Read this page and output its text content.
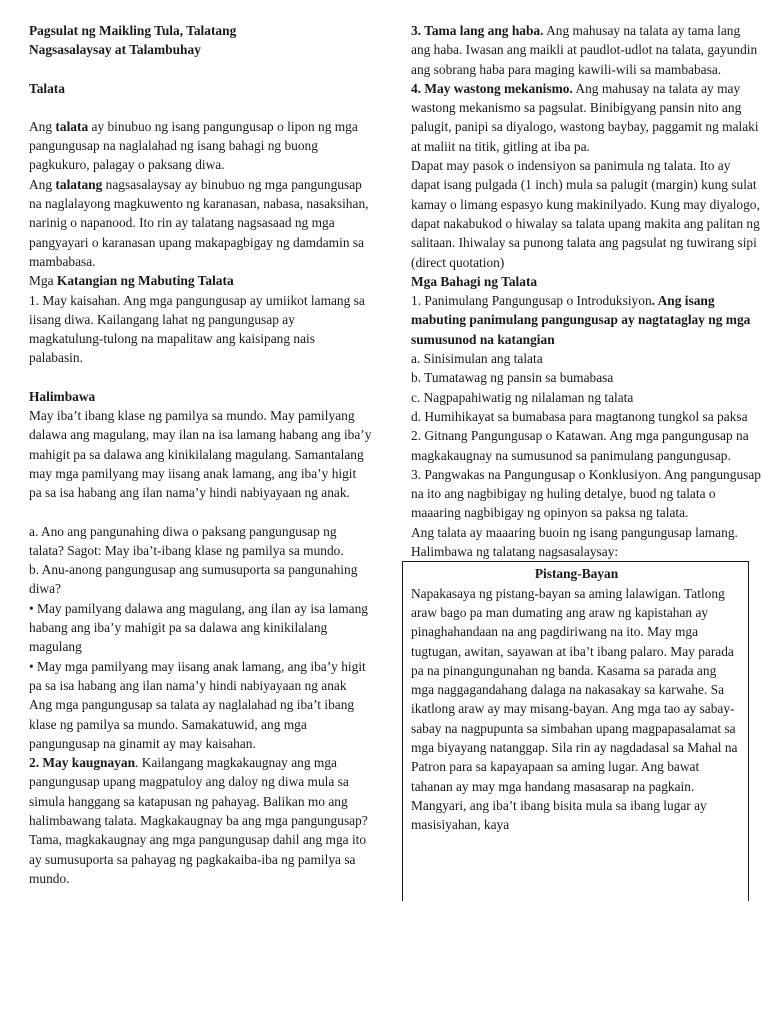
Pagsulat ng Maikling Tula, Talatang
Nagsasalaysay at Talambuhay

Talata

Ang talata ay binubuo ng isang pangungusap o lipon ng mga pangungusap na naglalahad ng isang bahagi ng buong pagkukuro, palagay o paksang diwa.

Ang talatang nagsasalaysay ay binubuo ng mga pangungusap na naglalayong magkuwento ng karanasan, nabasa, nasaksihan, narinig o napanood. Ito rin ay talatang nagsasaad ng mga pangyayari o karanasan upang makapagbigay ng damdamin sa mambabasa.

Mga Katangian ng Mabuting Talata

1. May kaisahan. Ang mga pangungusap ay umiikot lamang sa iisang diwa. Kailangang lahat ng pangungusap ay magkatulung-tulong na mapalitaw ang kaisipang nais palabasin.

Halimbawa

May iba’t ibang klase ng pamilya sa mundo. May pamilyang dalawa ang magulang, may ilan na isa lamang habang ang iba’y mahigit pa sa dalawa ang kinikilalang magulang. Samantalang may mga pamilyang may iisang anak lamang, ang iba’y higit pa sa isa habang ang ilan nama’y hindi nabiyayaan ng anak.

a. Ano ang pangunahing diwa o paksang pangungusap ng talata? Sagot: May iba’t-ibang klase ng pamilya sa mundo.

b. Anu-anong pangungusap ang sumusuporta sa pangunahing diwa?

• May pamilyang dalawa ang magulang, ang ilan ay isa lamang habang ang iba’y mahigit pa sa dalawa ang kinikilalang magulang

• May mga pamilyang may iisang anak lamang, ang iba’y higit pa sa isa habang ang ilan nama’y hindi nabiyayaan ng anak

Ang mga pangungusap sa talata ay naglalahad ng iba’t ibang klase ng pamilya sa mundo. Samakatuwid, ang mga pangungusap na ginamit ay may kaisahan.

2. May kaugnayan. Kailangang magkakaugnay ang mga pangungusap upang magpatuloy ang daloy ng diwa mula sa simula hanggang sa katapusan ng pahayag. Balikan mo ang halimbawang talata. Magkakaugnay ba ang mga pangungusap? Tama, magkakaugnay ang mga pangungusap dahil ang mga ito ay sumusuporta sa pahayag ng pagkakaiba-iba ng pamilya sa mundo.

3. Tama lang ang haba. Ang mahusay na talata ay tama lang ang haba. Iwasan ang maikli at paudlot-udlot na talata, gayundin ang sobrang haba para maging kawili-wili sa mambabasa.

4. May wastong mekanismo. Ang mahusay na talata ay may wastong mekanismo sa pagsulat. Binibigyang pansin nito ang palugit, panipi sa diyalogo, wastong baybay, paggamit ng malaki at maliit na titik, gitling at iba pa.

Dapat may pasok o indensiyon sa panimula ng talata. Ito ay dapat isang pulgada (1 inch) mula sa palugit (margin) kung sulat kamay o limang espasyo kung makinilyado. Kung may diyalogo, dapat nakabukod o hiwalay sa talata upang makita ang palitan ng salitaan. Ihiwalay sa punong talata ang pagsulat ng tuwirang sipi (direct quotation)

Mga Bahagi ng Talata

1. Panimulang Pangungusap o Introduksiyon. Ang isang mabuting panimulang pangungusap ay nagtataglay ng mga sumusunod na katangian

a. Sinisimulan ang talata

b. Tumatawag ng pansin sa bumabasa

c. Nagpapahiwatig ng nilalaman ng talata

d. Humihikayat sa bumabasa para magtanong tungkol sa paksa

2. Gitnang Pangungusap o Katawan. Ang mga pangungusap na magkakaugnay na sumusunod sa panimulang pangungusap.

3. Pangwakas na Pangungusap o Konklusiyon. Ang pangungusap na ito ang nagbibigay ng huling detalye, buod ng talata o maaaring nagbibigay ng opinyon sa paksa ng talata.

Ang talata ay maaaring buoin ng isang pangungusap lamang.

Halimbawa ng talatang nagsasalaysay:

Pistang-Bayan

Napakasaya ng pistang-bayan sa aming lalawigan. Tatlong araw bago pa man dumating ang araw ng kapistahan ay pinaghahandaan na ang pagdiriwang na ito. May mga tugtugan, awitan, sayawan at iba’t ibang palaro. May parada pa na pinangungunahan ng banda. Kasama sa parada ang mga naggagandahang dalaga na nakasakay sa karwahe. Sa ikatlong araw ay may misang-bayan. Ang mga tao ay sabay-sabay na nagpupunta sa simbahan upang magpapasalamat sa mga biyayang natanggap. Sila rin ay nagdadasal sa Mahal na Patron para sa kapayapaan sa aming lugar. Ang bawat tahanan ay may mga handang masasarap na pagkain. Mangyari, ang iba’t ibang bisita mula sa ibang lugar ay masisiyahan, kaya
